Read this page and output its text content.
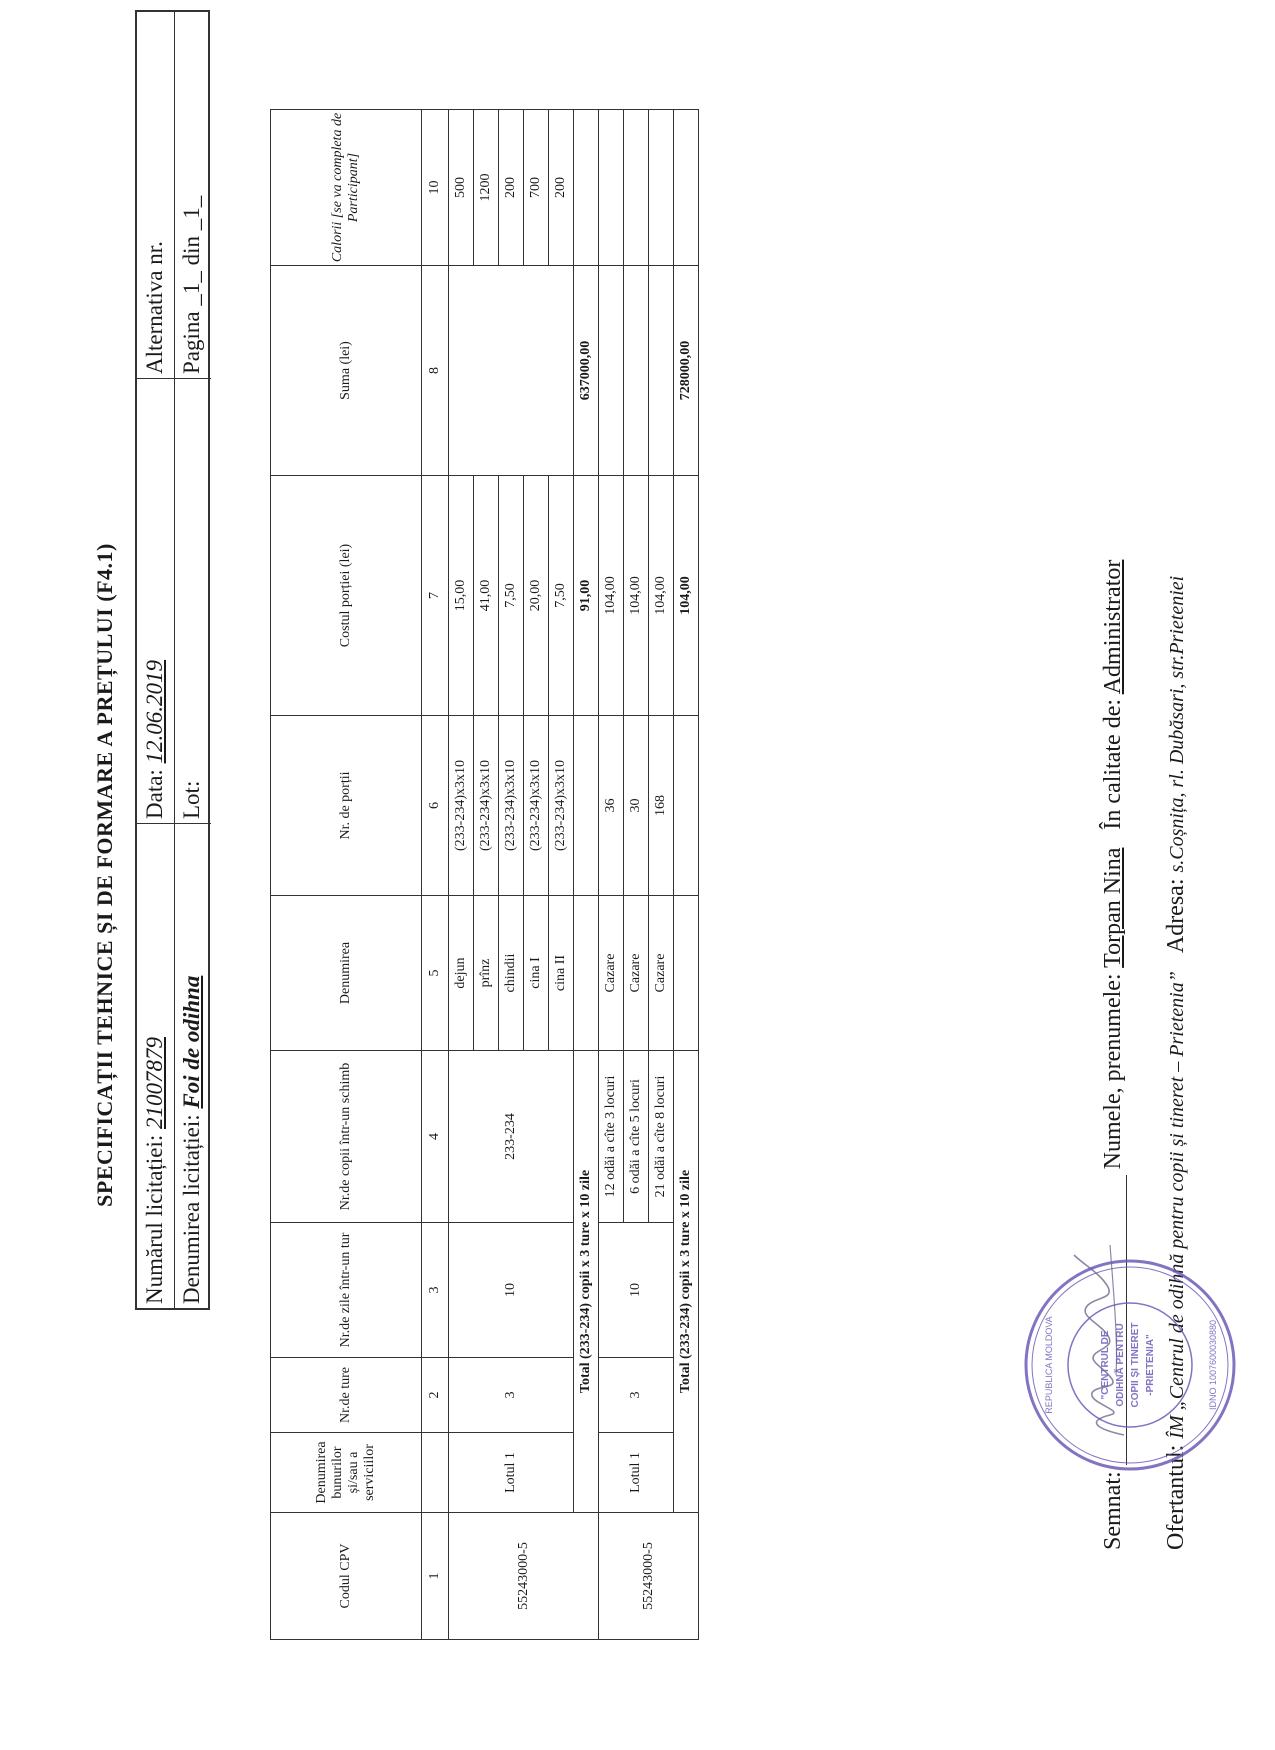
SPECIFICAȚII TEHNICE ȘI DE FORMARE A PREȚULUI (F4.1)
Numărul licitației: 21007879
Data: 12.06.2019
Alternativa nr.
Denumirea licitației: Foi de odihna
Lot:
Pagina _1_ din _1_
Codul CPV	Denumirea bunurilor și/sau a serviciilor	Nr.de ture	Nr.de zile într-un tur	Nr.de copii într-un schimb	Denumirea	Nr. de porții	Costul porției (lei)	Suma (lei)	Calorii [se va completa de Participant]
1		2	3	4	5	6	7	8	10
55243000-5	Lotul 1	3	10	233-234	dejun	(233-234)x3x10	15,00		500
					prînz	(233-234)x3x10	41,00		1200
					chindii	(233-234)x3x10	7,50		200
					cina I	(233-234)x3x10	20,00		700
					cina II	(233-234)x3x10	7,50		200
	Total (233-234) copii x 3 ture x 10 zile						91,00	637000,00	
55243000-5	Lotul 1	3	10	12 odăi a cîte 3 locuri	Cazare	36	104,00		
				6 odăi a cîte 5 locuri	Cazare	30	104,00		
				21 odăi a cîte 8 locuri	Cazare	168	104,00		
	Total (233-234) copii x 3 ture x 10 zile						104,00	728000,00	
Semnat:
Numele, prenumele: Torpan Nina   În calitate de: Administrator
Ofertantul: ÎM „Centrul de odihnă pentru copii și tineret – Prietenia”   Adresa: s.Coșnița, rl. Dubăsari, str.Prieteniei
"CENTRUL DE ODIHNĂ PENTRU COPII ȘI TINERET -PRIETENIA"
REPUBLICA MOLDOVA	IDNO 1007600030880
